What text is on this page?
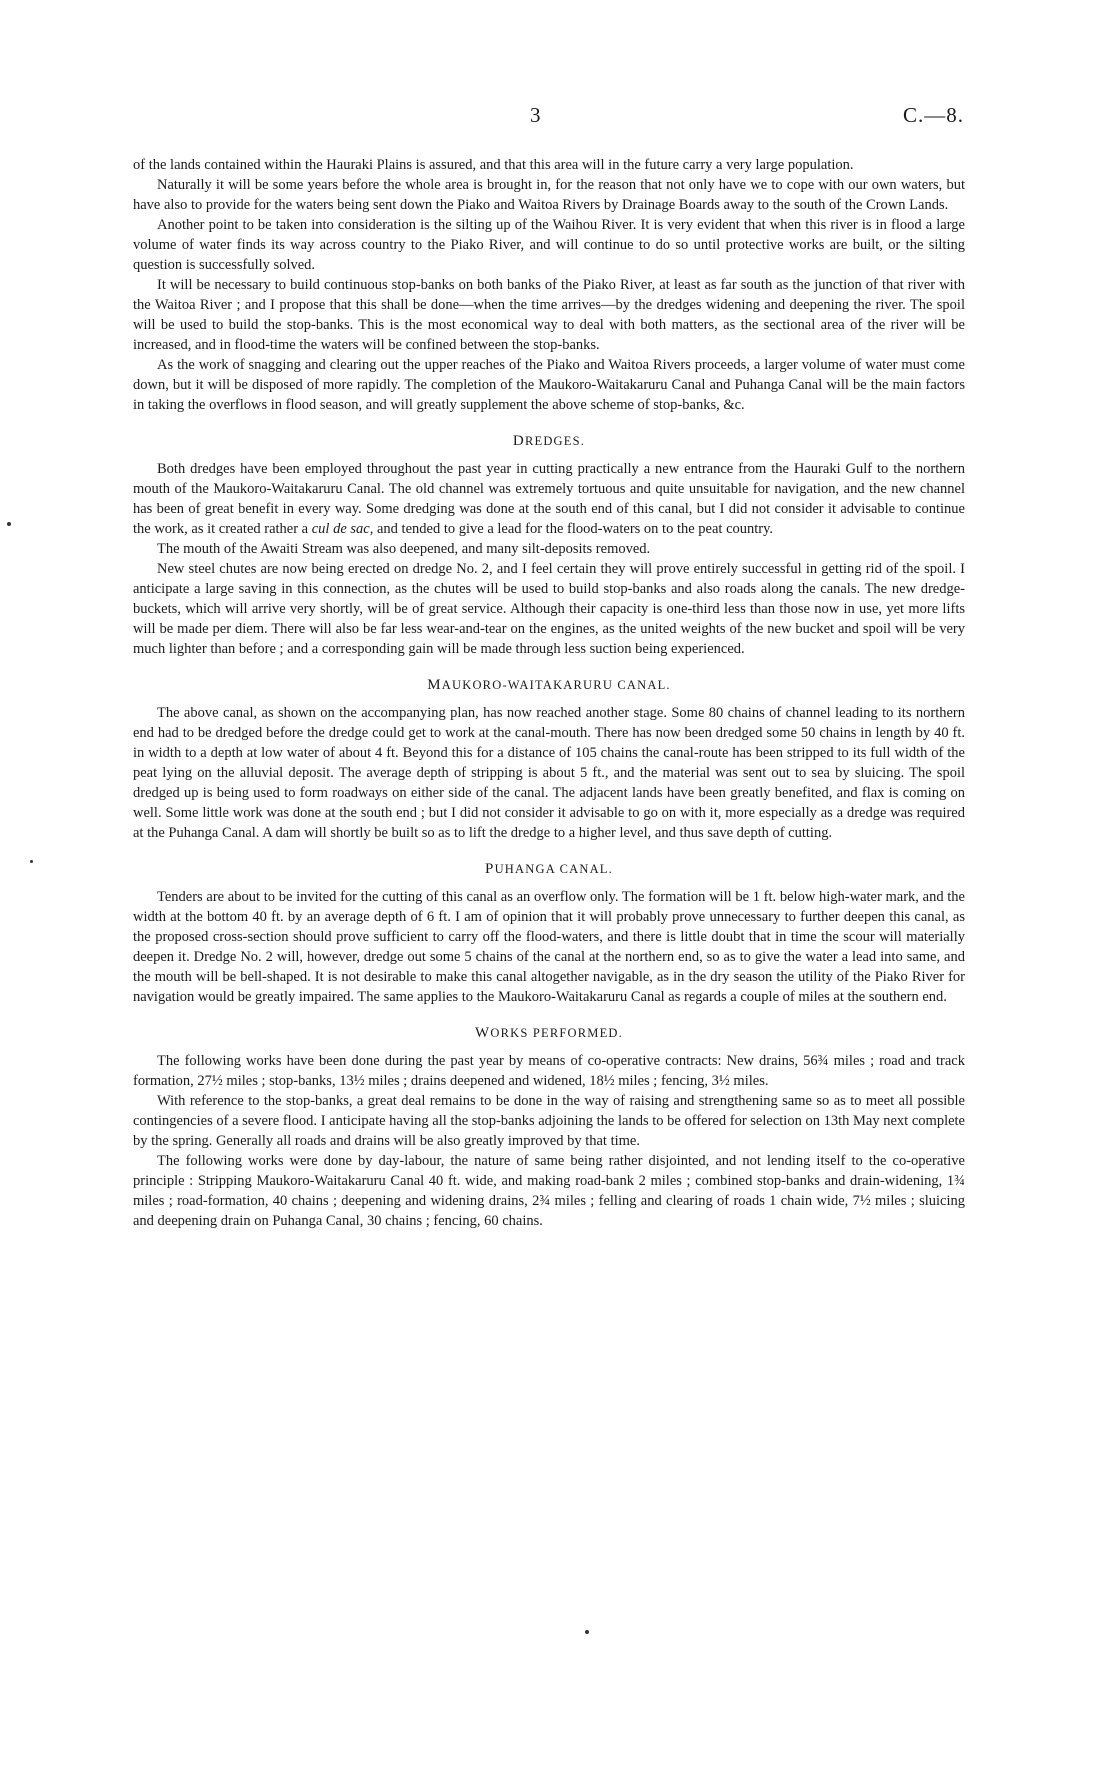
3	C.—8.

of the lands contained within the Hauraki Plains is assured, and that this area will in the future carry a very large population.

Naturally it will be some years before the whole area is brought in, for the reason that not only have we to cope with our own waters, but have also to provide for the waters being sent down the Piako and Waitoa Rivers by Drainage Boards away to the south of the Crown Lands.

Another point to be taken into consideration is the silting up of the Waihou River. It is very evident that when this river is in flood a large volume of water finds its way across country to the Piako River, and will continue to do so until protective works are built, or the silting question is successfully solved.

It will be necessary to build continuous stop-banks on both banks of the Piako River, at least as far south as the junction of that river with the Waitoa River ; and I propose that this shall be done—when the time arrives—by the dredges widening and deepening the river. The spoil will be used to build the stop-banks. This is the most economical way to deal with both matters, as the sectional area of the river will be increased, and in flood-time the waters will be confined between the stop-banks.

As the work of snagging and clearing out the upper reaches of the Piako and Waitoa Rivers proceeds, a larger volume of water must come down, but it will be disposed of more rapidly. The completion of the Maukoro-Waitakaruru Canal and Puhanga Canal will be the main factors in taking the overflows in flood season, and will greatly supplement the above scheme of stop-banks, &c.

DREDGES.

Both dredges have been employed throughout the past year in cutting practically a new entrance from the Hauraki Gulf to the northern mouth of the Maukoro-Waitakaruru Canal. The old channel was extremely tortuous and quite unsuitable for navigation, and the new channel has been of great benefit in every way. Some dredging was done at the south end of this canal, but I did not consider it advisable to continue the work, as it created rather a cul de sac, and tended to give a lead for the flood-waters on to the peat country.

The mouth of the Awaiti Stream was also deepened, and many silt-deposits removed.

New steel chutes are now being erected on dredge No. 2, and I feel certain they will prove entirely successful in getting rid of the spoil. I anticipate a large saving in this connection, as the chutes will be used to build stop-banks and also roads along the canals. The new dredge-buckets, which will arrive very shortly, will be of great service. Although their capacity is one-third less than those now in use, yet more lifts will be made per diem. There will also be far less wear-and-tear on the engines, as the united weights of the new bucket and spoil will be very much lighter than before ; and a corresponding gain will be made through less suction being experienced.

MAUKORO-WAITAKARURU CANAL.

The above canal, as shown on the accompanying plan, has now reached another stage. Some 80 chains of channel leading to its northern end had to be dredged before the dredge could get to work at the canal-mouth. There has now been dredged some 50 chains in length by 40 ft. in width to a depth at low water of about 4 ft. Beyond this for a distance of 105 chains the canal-route has been stripped to its full width of the peat lying on the alluvial deposit. The average depth of stripping is about 5 ft., and the material was sent out to sea by sluicing. The spoil dredged up is being used to form roadways on either side of the canal. The adjacent lands have been greatly benefited, and flax is coming on well. Some little work was done at the south end ; but I did not consider it advisable to go on with it, more especially as a dredge was required at the Puhanga Canal. A dam will shortly be built so as to lift the dredge to a higher level, and thus save depth of cutting.

PUHANGA CANAL.

Tenders are about to be invited for the cutting of this canal as an overflow only. The formation will be 1 ft. below high-water mark, and the width at the bottom 40 ft. by an average depth of 6 ft. I am of opinion that it will probably prove unnecessary to further deepen this canal, as the proposed cross-section should prove sufficient to carry off the flood-waters, and there is little doubt that in time the scour will materially deepen it. Dredge No. 2 will, however, dredge out some 5 chains of the canal at the northern end, so as to give the water a lead into same, and the mouth will be bell-shaped. It is not desirable to make this canal altogether navigable, as in the dry season the utility of the Piako River for navigation would be greatly impaired. The same applies to the Maukoro-Waitakaruru Canal as regards a couple of miles at the southern end.

WORKS PERFORMED.

The following works have been done during the past year by means of co-operative contracts: New drains, 56¾ miles ; road and track formation, 27½ miles ; stop-banks, 13½ miles ; drains deepened and widened, 18½ miles ; fencing, 3½ miles.

With reference to the stop-banks, a great deal remains to be done in the way of raising and strengthening same so as to meet all possible contingencies of a severe flood. I anticipate having all the stop-banks adjoining the lands to be offered for selection on 13th May next complete by the spring. Generally all roads and drains will be also greatly improved by that time.

The following works were done by day-labour, the nature of same being rather disjointed, and not lending itself to the co-operative principle : Stripping Maukoro-Waitakaruru Canal 40 ft. wide, and making road-bank 2 miles ; combined stop-banks and drain-widening, 1¾ miles ; road-formation, 40 chains ; deepening and widening drains, 2¾ miles ; felling and clearing of roads 1 chain wide, 7½ miles ; sluicing and deepening drain on Puhanga Canal, 30 chains ; fencing, 60 chains.
